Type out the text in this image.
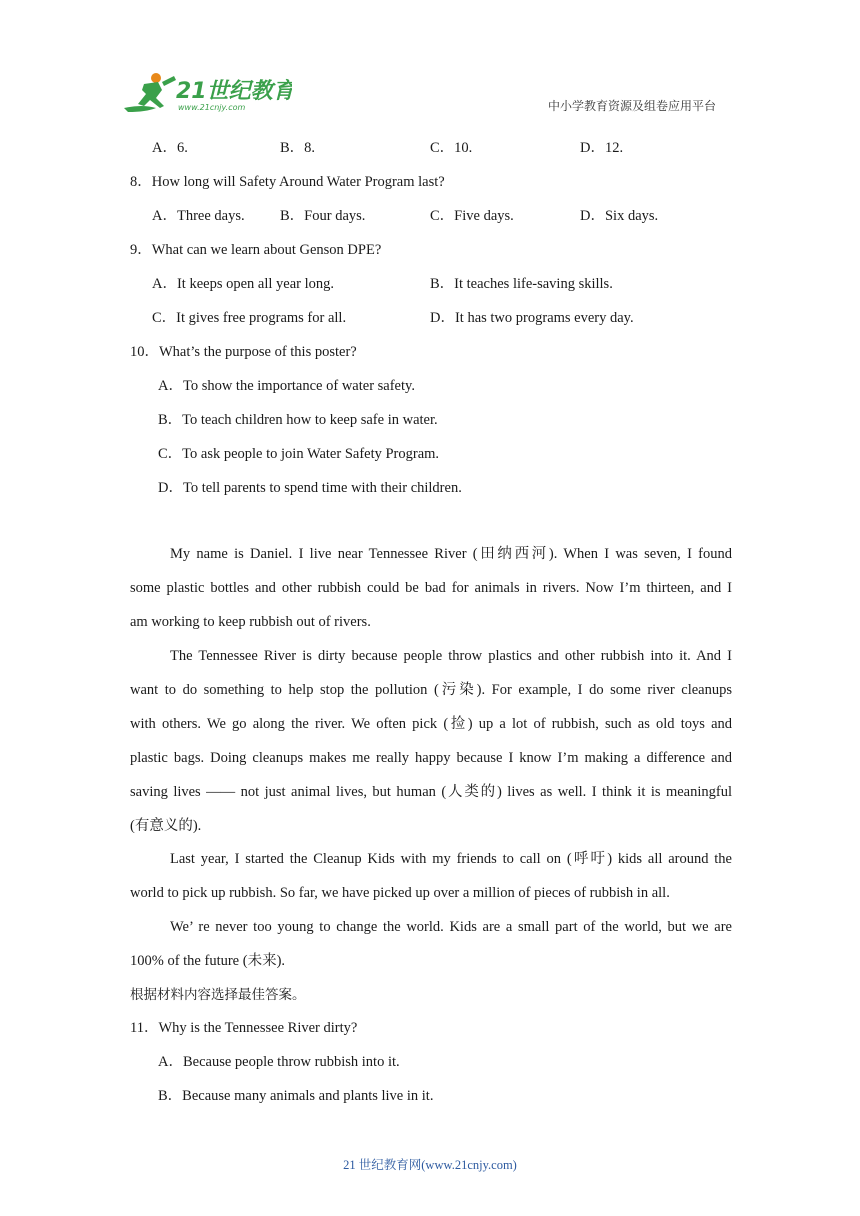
21世纪教育
www.21cnjy.com	中小学教育资源及组卷应用平台
A．6.	B．8.	C．10.	D．12.
8．How long will Safety Around Water Program last?
A．Three days. B．Four days.	C．Five days.	D．Six days.
9．What can we learn about Genson DPE?
A．It keeps open all year long.	B．It teaches life-saving skills.
C．It gives free programs for all.	D．It has two programs every day.
10．What’s the purpose of this poster?
A．To show the importance of water safety.
B．To teach children how to keep safe in water.
C．To ask people to join Water Safety Program.
D．To tell parents to spend time with their children.
My name is Daniel. I live near Tennessee River (田纳西河). When I was seven, I found
some plastic bottles and other rubbish could be bad for animals in rivers. Now I’m thirteen, and I
am working to keep rubbish out of rivers.
The Tennessee River is dirty because people throw plastics and other rubbish into it. And I
want to do something to help stop the pollution (污染). For example, I do some river cleanups
with others. We go along the river. We often pick (捡) up a lot of rubbish, such as old toys and
plastic bags. Doing cleanups makes me really happy because I know I’m making a difference and
saving lives —— not just animal lives, but human (人类的) lives as well. I think it is meaningful
(有意义的).
Last year, I started the Cleanup Kids with my friends to call on (呼吁) kids all around the
world to pick up rubbish. So far, we have picked up over a million of pieces of rubbish in all.
We’ re never too young to change the world. Kids are a small part of the world, but we are
100% of the future (未来).
根据材料内容选择最佳答案。
11．Why is the Tennessee River dirty?
A．Because people throw rubbish into it.
B．Because many animals and plants live in it.
21 世纪教育网(www.21cnjy.com)
